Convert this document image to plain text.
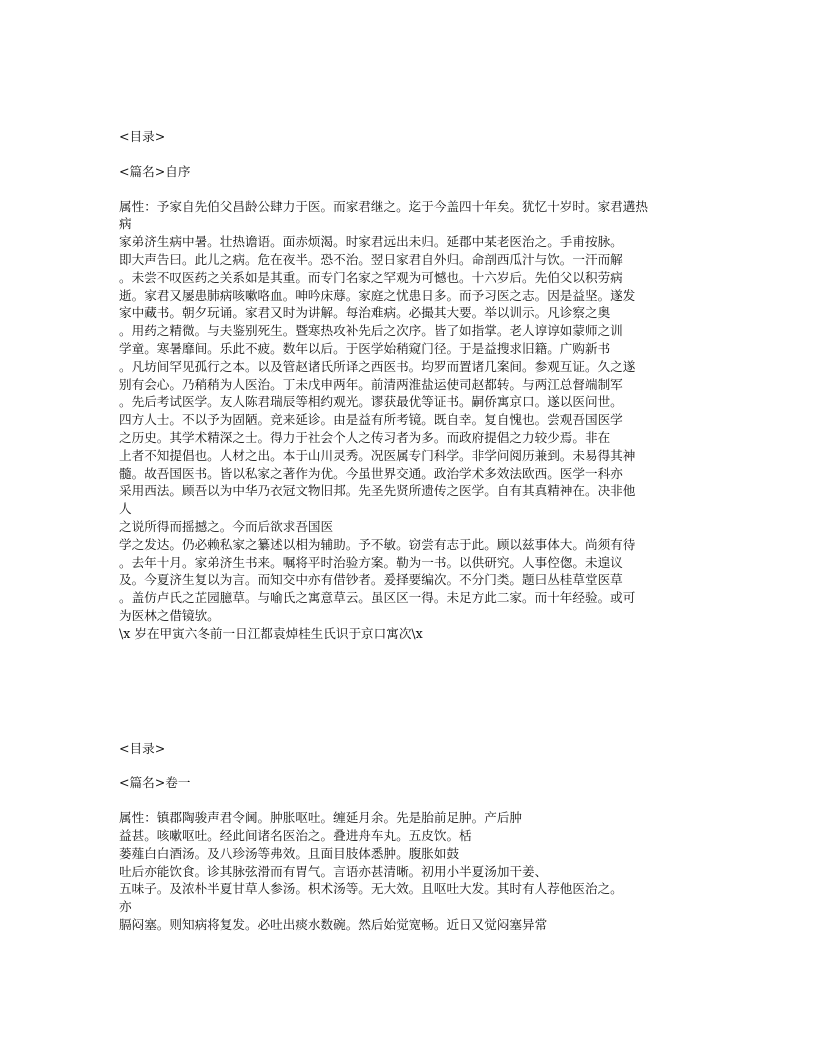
<目录>

<篇名>自序

属性：予家自先伯父昌龄公肆力于医。而家君继之。迄于今盖四十年矣。犹忆十岁时。家君遘热

病

家弟济生病中暑。壮热谵语。面赤烦渴。时家君远出未归。延郡中某老医治之。手甫按脉。

即大声告曰。此儿之病。危在夜半。恐不治。翌日家君自外归。命剖西瓜汁与饮。一汗而解

。未尝不叹医药之关系如是其重。而专门名家之罕观为可憾也。十六岁后。先伯父以积劳病

逝。家君又屡患肺病咳嗽咯血。呻吟床蓐。家庭之忧患日多。而予习医之志。因是益坚。遂发

家中藏书。朝夕玩诵。家君又时为讲解。每治难病。必撮其大要。举以训示。凡诊察之奥

。用药之精微。与夫鉴别死生。暨寒热攻补先后之次序。皆了如指掌。老人谆谆如蒙师之训

学童。寒暑靡间。乐此不疲。数年以后。于医学始稍窥门径。于是益搜求旧籍。广购新书

。凡坊间罕见孤行之本。以及管赵诸氏所译之西医书。均罗而置诸几案间。参观互证。久之遂

别有会心。乃稍稍为人医治。丁未戊申两年。前清两淮盐运使司赵都转。与两江总督端制军

。先后考试医学。友人陈君瑞辰等相约观光。谬获最优等证书。嗣侨寓京口。遂以医问世。

四方人士。不以予为固陋。竞来延诊。由是益有所考镜。既自幸。复自愧也。尝观吾国医学

之历史。其学术精深之士。得力于社会个人之传习者为多。而政府提倡之力较少焉。非在

上者不知提倡也。人材之出。本于山川灵秀。况医属专门科学。非学问阅历兼到。未易得其神

髓。故吾国医书。皆以私家之著作为优。今虽世界交通。政治学术多效法欧西。医学一科亦

采用西法。顾吾以为中华乃衣冠文物旧邦。先圣先贤所遗传之医学。自有其真精神在。决非他

人

之说所得而摇撼之。今而后欲求吾国医

学之发达。仍必赖私家之纂述以相为辅助。予不敏。窃尝有志于此。顾以兹事体大。尚须有待

。去年十月。家弟济生书来。嘱将平时治验方案。勒为一书。以供研究。人事倥偬。未遑议

及。今夏济生复以为言。而知交中亦有借钞者。爰择要编次。不分门类。题曰丛桂草堂医草

。盖仿卢氏之芷园臆草。与喻氏之寓意草云。虽区区一得。未足方此二家。而十年经验。或可

为医林之借镜欤。

\x 岁在甲寅六冬前一日江都袁焯桂生氏识于京口寓次\x

<目录>

<篇名>卷一

属性：镇郡陶骏声君令阃。肿胀呕吐。缠延月余。先是胎前足肿。产后肿

益甚。咳嗽呕吐。经此间诸名医治之。叠进舟车丸。五皮饮。栝

蒌薤白白酒汤。及八珍汤等弗效。且面目肢体悉肿。腹胀如鼓

吐后亦能饮食。诊其脉弦滑而有胃气。言语亦甚清晰。初用小半夏汤加干姜、

五味子。及浓朴半夏甘草人参汤。枳术汤等。无大效。且呕吐大发。其时有人荐他医治之。

亦

膈闷塞。则知病将复发。必吐出痰水数碗。然后始觉宽畅。近日又觉闷塞异常
